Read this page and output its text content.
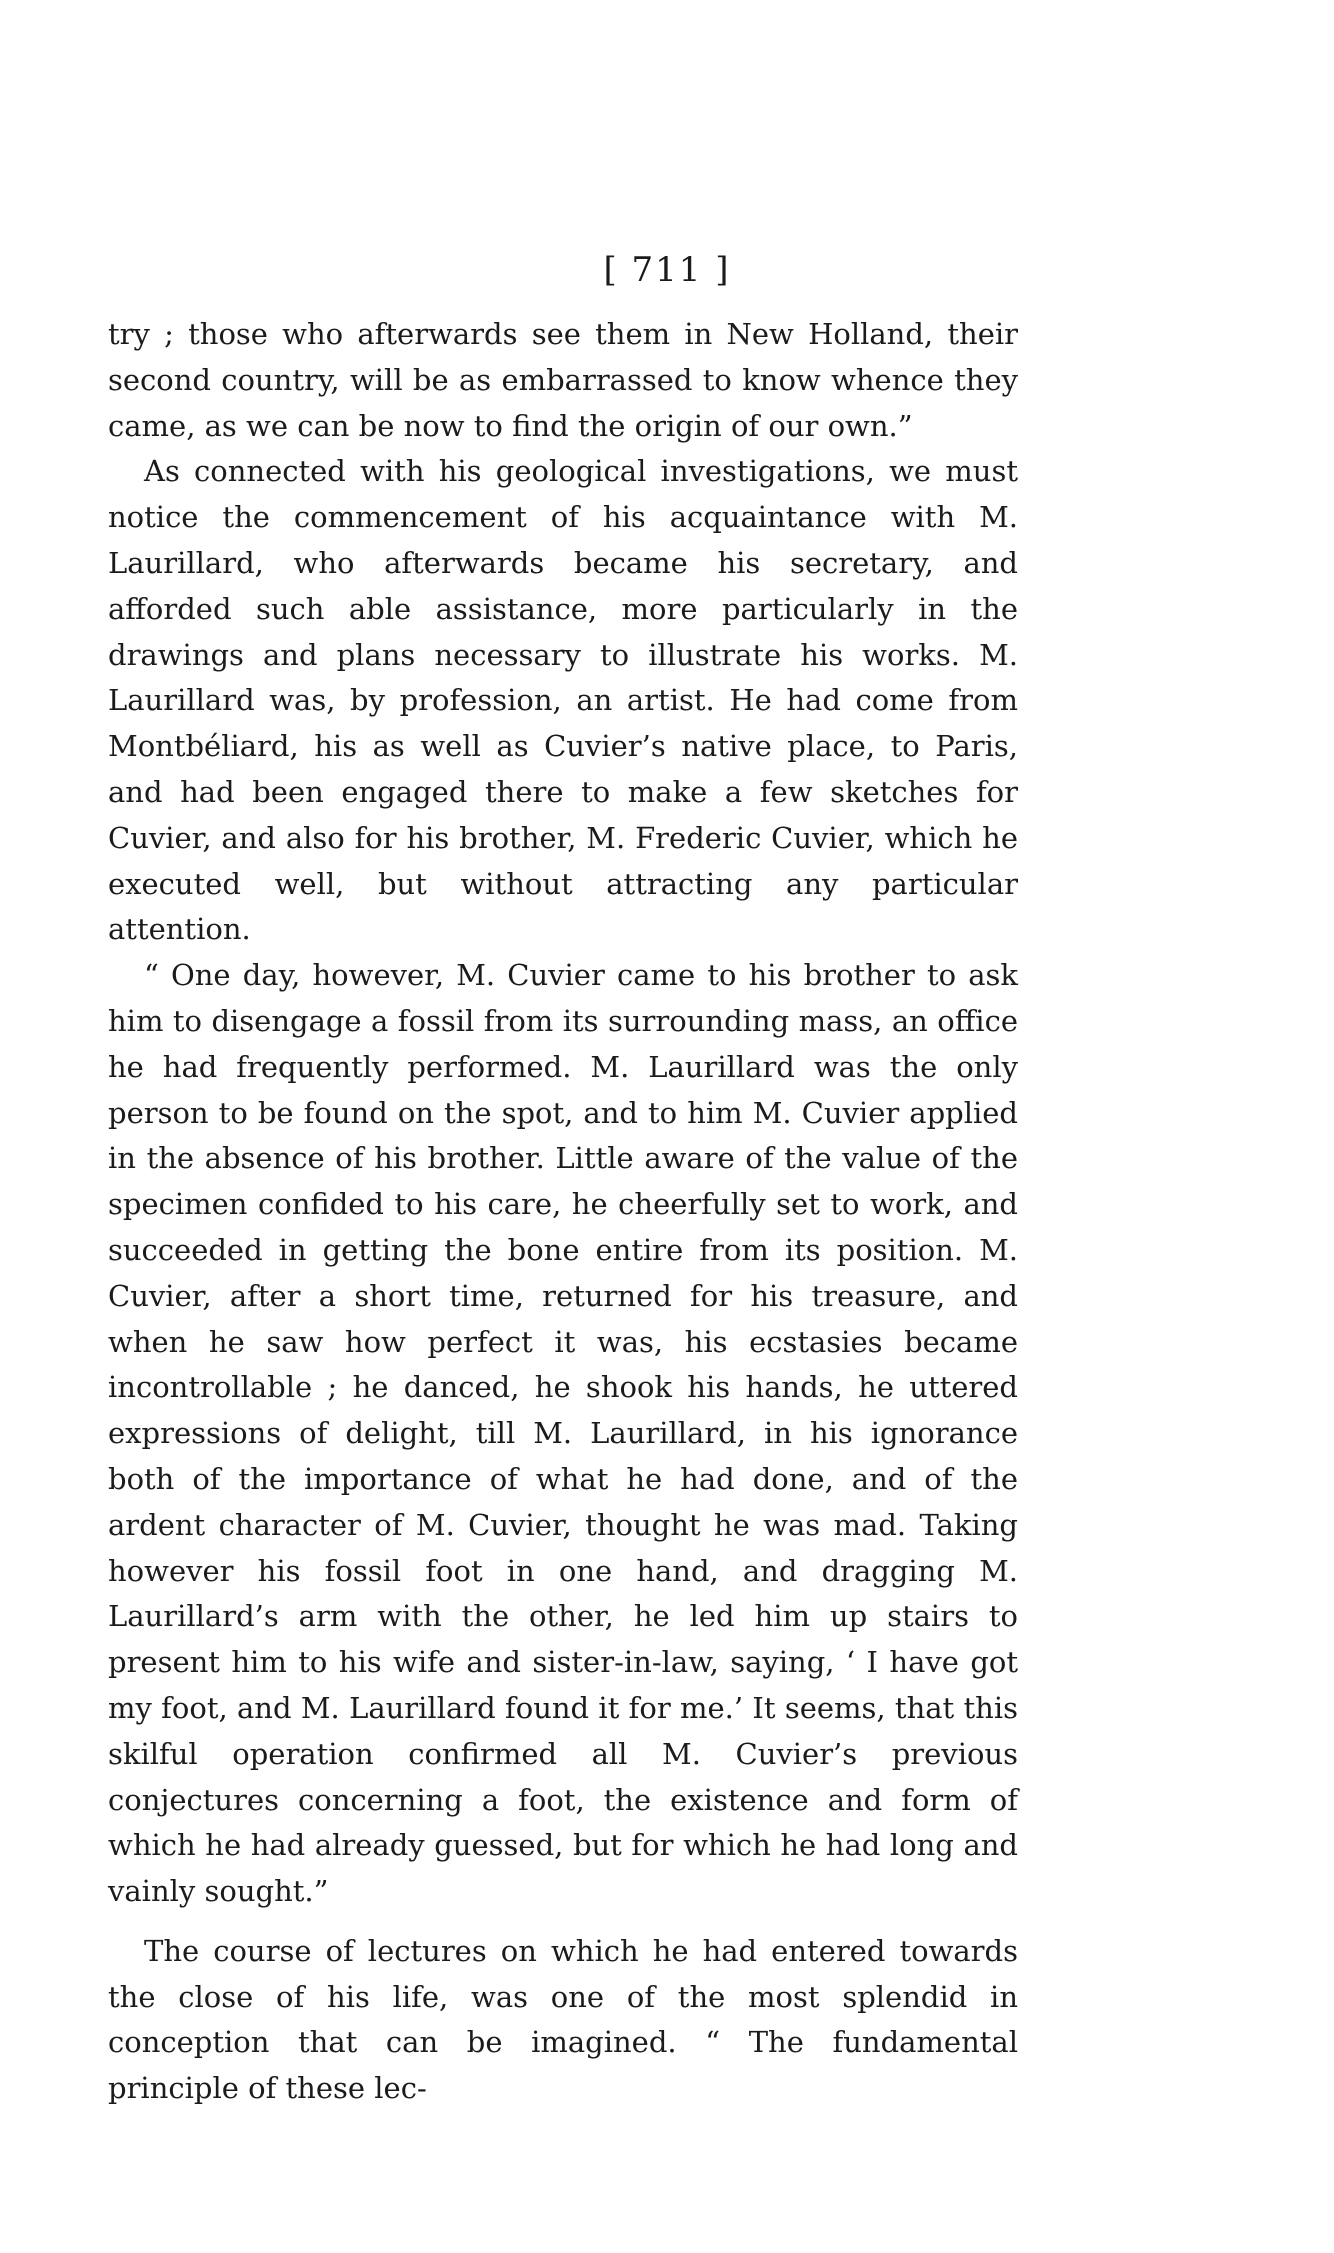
[ 711 ]

try ; those who afterwards see them in New Holland, their second country, will be as embarrassed to know whence they came, as we can be now to find the origin of our own.”

As connected with his geological investigations, we must notice the commencement of his acquaintance with M. Laurillard, who afterwards became his secretary, and afforded such able assistance, more particularly in the drawings and plans necessary to illustrate his works. M. Laurillard was, by profession, an artist. He had come from Montbéliard, his as well as Cuvier’s native place, to Paris, and had been engaged there to make a few sketches for Cuvier, and also for his brother, M. Frederic Cuvier, which he executed well, but without attracting any particular attention.

“ One day, however, M. Cuvier came to his brother to ask him to disengage a fossil from its surrounding mass, an office he had frequently performed. M. Laurillard was the only person to be found on the spot, and to him M. Cuvier applied in the absence of his brother. Little aware of the value of the specimen confided to his care, he cheerfully set to work, and succeeded in getting the bone entire from its position. M. Cuvier, after a short time, returned for his treasure, and when he saw how perfect it was, his ecstasies became incontrollable ; he danced, he shook his hands, he uttered expressions of delight, till M. Laurillard, in his ignorance both of the importance of what he had done, and of the ardent character of M. Cuvier, thought he was mad. Taking however his fossil foot in one hand, and dragging M. Laurillard’s arm with the other, he led him up stairs to present him to his wife and sister-in-law, saying, ‘ I have got my foot, and M. Laurillard found it for me.’ It seems, that this skilful operation confirmed all M. Cuvier’s previous conjectures concerning a foot, the existence and form of which he had already guessed, but for which he had long and vainly sought.”

The course of lectures on which he had entered towards the close of his life, was one of the most splendid in conception that can be imagined. “ The fundamental principle of these lec-
